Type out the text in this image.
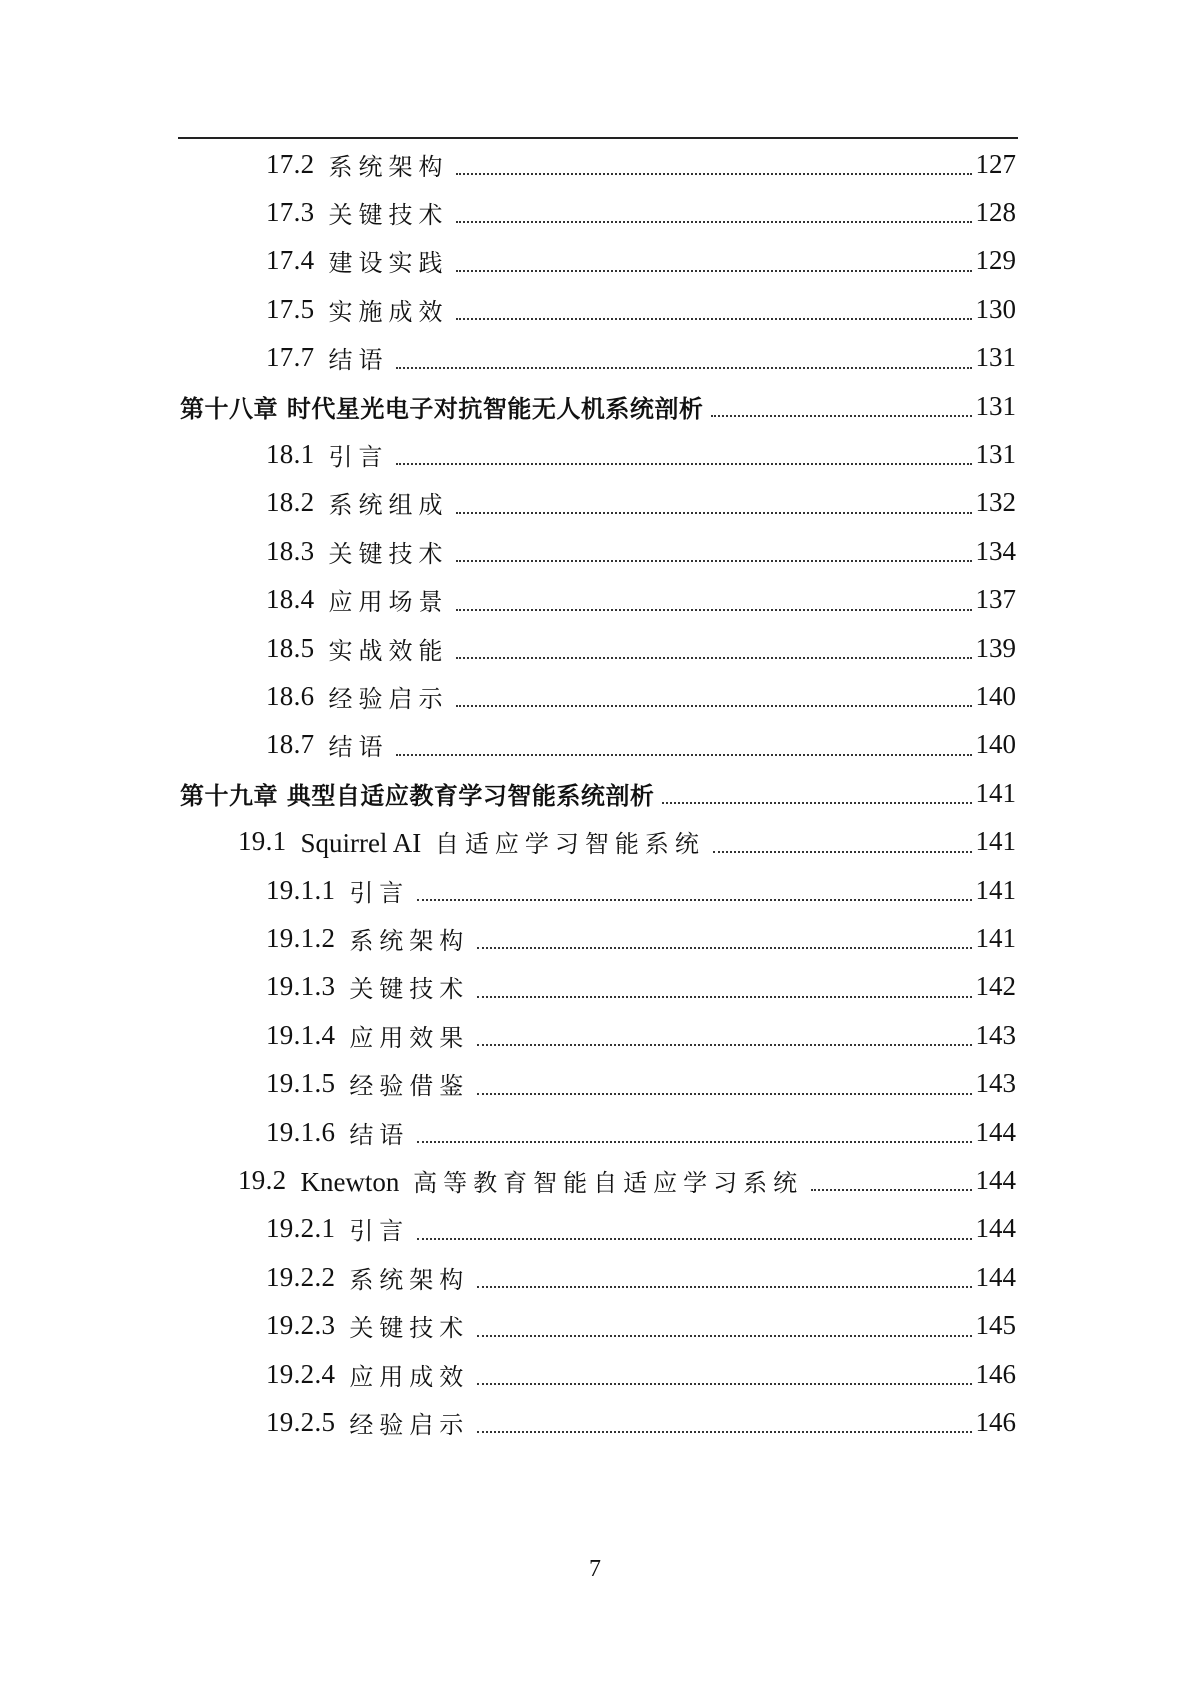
17.2 系统架构	127
17.3 关键技术	128
17.4 建设实践	129
17.5 实施成效	130
17.7 结语	131
第十八章 时代星光电子对抗智能无人机系统剖析	131
18.1 引言	131
18.2 系统组成	132
18.3 关键技术	134
18.4 应用场景	137
18.5 实战效能	139
18.6 经验启示	140
18.7 结语	140
第十九章 典型自适应教育学习智能系统剖析	141
19.1 Squirrel AI 自适应学习智能系统	141
19.1.1 引言	141
19.1.2 系统架构	141
19.1.3 关键技术	142
19.1.4 应用效果	143
19.1.5 经验借鉴	143
19.1.6 结语	144
19.2 Knewton 高等教育智能自适应学习系统	144
19.2.1 引言	144
19.2.2 系统架构	144
19.2.3 关键技术	145
19.2.4 应用成效	146
19.2.5 经验启示	146
7
